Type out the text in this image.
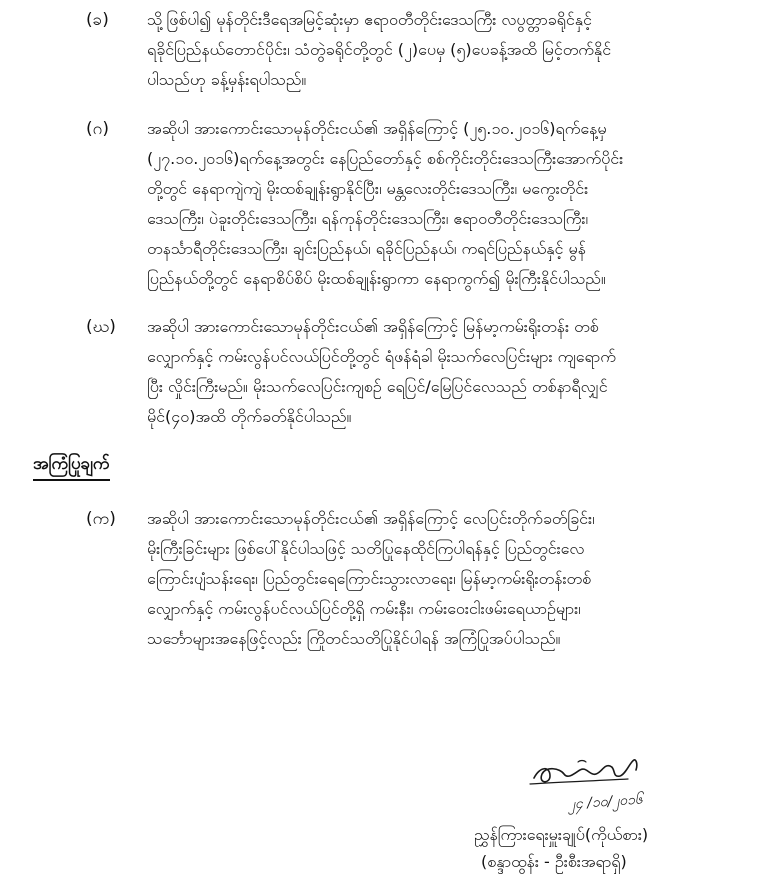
(ခ) သို့ဖြစ်ပါ၍ မုန်တိုင်းဒီရေအမြင့်ဆုံးမှာ ဧရာဝတီတိုင်းဒေသကြီး လပွတ္တာခရိုင်နှင့်
ရခိုင်ပြည်နယ်တောင်ပိုင်း၊ သံတွဲခရိုင်တို့တွင် (၂)ပေမှ (၅)ပေခန့်အထိ မြင့်တက်နိုင်
ပါသည်ဟု ခန့်မှန်းရပါသည်။
(ဂ) အဆိုပါ အားကောင်းသောမုန်တိုင်းငယ်၏ အရှိန်ကြောင့် (၂၅.၁၀.၂၀၁၆)ရက်နေ့မှ
(၂၇.၁၀.၂၀၁၆)ရက်နေ့အတွင်း နေပြည်တော်နှင့် စစ်ကိုင်းတိုင်းဒေသကြီးအောက်ပိုင်း
တို့တွင် နေရာကျဲကျဲ မိုးထစ်ချုန်းရွာနိုင်ပြီး၊ မန္တလေးတိုင်းဒေသကြီး၊ မကွေးတိုင်း
ဒေသကြီး၊ ပဲခူးတိုင်းဒေသကြီး၊ ရန်ကုန်တိုင်းဒေသကြီး၊ ဧရာဝတီတိုင်းဒေသကြီး၊
တနင်္သာရီတိုင်းဒေသကြီး၊ ချင်းပြည်နယ်၊ ရခိုင်ပြည်နယ်၊ ကရင်ပြည်နယ်နှင့် မွန်
ပြည်နယ်တို့တွင် နေရာစိပ်စိပ် မိုးထစ်ချုန်းရွာကာ နေရာကွက်၍ မိုးကြီးနိုင်ပါသည်။
(ဃ) အဆိုပါ အားကောင်းသောမုန်တိုင်းငယ်၏ အရှိန်ကြောင့် မြန်မာ့ကမ်းရိုးတန်း တစ်
လျှောက်နှင့် ကမ်းလွန်ပင်လယ်ပြင်တို့တွင် ရံဖန်ရံခါ မိုးသက်လေပြင်းများ ကျရောက်
ပြီး လှိုင်းကြီးမည်။ မိုးသက်လေပြင်းကျစဉ် ရေပြင်/မြေပြင်လေသည် တစ်နာရီလျှင်
မိုင်(၄၀)အထိ တိုက်ခတ်နိုင်ပါသည်။
အကြံပြုချက်
(က) အဆိုပါ အားကောင်းသောမုန်တိုင်းငယ်၏ အရှိန်ကြောင့် လေပြင်းတိုက်ခတ်ခြင်း၊
မိုးကြီးခြင်းများ ဖြစ်ပေါ်နိုင်ပါသဖြင့် သတိပြုနေထိုင်ကြပါရန်နှင့် ပြည်တွင်းလေ
ကြောင်းပျံသန်းရေး၊ ပြည်တွင်းရေကြောင်းသွားလာရေး၊ မြန်မာ့ကမ်းရိုးတန်းတစ်
လျှောက်နှင့် ကမ်းလွန်ပင်လယ်ပြင်တို့ရှိ ကမ်းနီး၊ ကမ်းဝေးငါးဖမ်းရေယာဉ်များ၊
သင်္ဘောများအနေဖြင့်လည်း ကြိုတင်သတိပြုနိုင်ပါရန် အကြံပြုအပ်ပါသည်။
၂၄ /၁၀/၂၀၁၆
ညွှန်ကြားရေးမှူးချုပ်(ကိုယ်စား)
(စန္ဒာထွန်း - ဦးစီးအရာရှိ)
